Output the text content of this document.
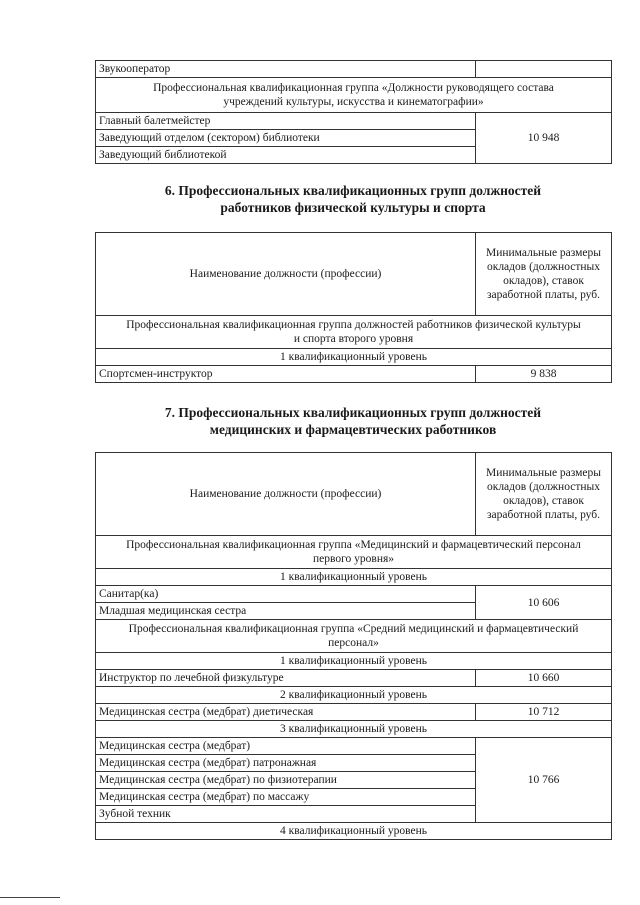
Звукооператор	
Профессиональная квалификационная группа «Должности руководящего состава учреждений культуры, искусства и кинематографии»	
Главный балетмейстер	10 948
Заведующий отделом (сектором) библиотеки	
Заведующий библиотекой	
6. Профессиональных квалификационных групп должностей
работников физической культуры и спорта
Наименование должности (профессии)	Минимальные размеры окладов (должностных окладов), ставок заработной платы, руб.
Профессиональная квалификационная группа должностей работников физической культуры и спорта второго уровня	
1 квалификационный уровень	
Спортсмен-инструктор	9 838
7. Профессиональных квалификационных групп должностей
медицинских и фармацевтических работников
Наименование должности (профессии)	Минимальные размеры окладов (должностных окладов), ставок заработной платы, руб.
Профессиональная квалификационная группа «Медицинский и фармацевтический персонал первого уровня»	
1 квалификационный уровень	
Санитар(ка)	10 606
Младшая медицинская сестра	
Профессиональная квалификационная группа «Средний медицинский и фармацевтический персонал»	
1 квалификационный уровень	
Инструктор по лечебной физкультуре	10 660
2 квалификационный уровень	
Медицинская сестра (медбрат) диетическая	10 712
3 квалификационный уровень	
Медицинская сестра (медбрат)	10 766
Медицинская сестра (медбрат) патронажная	
Медицинская сестра (медбрат) по физиотерапии	
Медицинская сестра (медбрат) по массажу	
Зубной техник	
4 квалификационный уровень	
